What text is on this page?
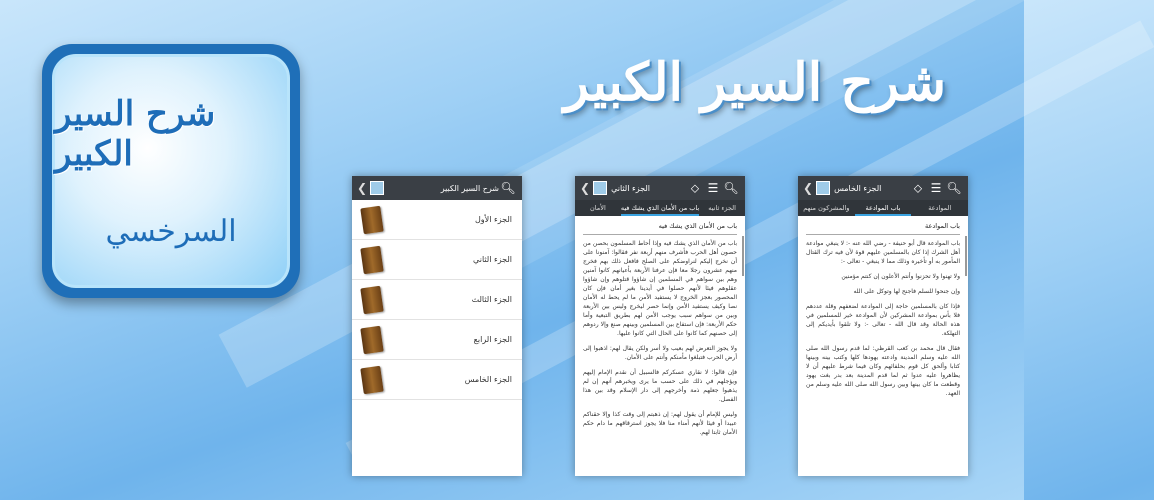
شرح السير الكبير
السرخسي
شرح السير الكبير
❮	شرح السير الكبير 🔍︎
الجزء الأول
الجزء الثاني
الجزء الثالث
الجزء الرابع
الجزء الخامس
❮	الجزء الثاني	⬦ ☰ 🔍︎
الأمان	باب من الأمان الذي يشك فيه	الجزء ثانيه
باب من الأمان الذي يشك فيه

باب من الأمان الذي يشك فيه وإذا أحاط المسلمون بحصن من حصون أهل الحرب فأشرف منهم أربعة نفر فقالوا: آمنونا على أن نخرج إليكم لنراوضكم على الصلح فافعل ذلك بهم فخرج منهم عشرون رجلا معا فإن عرفنا الأربعة بأعيانهم كانوا آمنين وهم بين سواهم في المسلمين إن شاؤوا قتلوهم وإن شاؤوا عقلوهم فيئا لأنهم حصلوا في أيدينا بغير أمان فإن كان المحصور بعجز الخروج لا يستفيد الأمن ما لم يحط له الأمان نصا وكيف يستفيد الأمن وإنما حصر ليخرج وليس بين الأربعة وبين من سواهم سبب يوجب الأمن لهم بطريق التبعية وأما حكم الأربعة: فإن استفاع بين المسلمين وبينهم صنع وإلا ردوهم إلى حصنهم كما كانوا على الحال التي كانوا عليها.

ولا يجوز التعرض لهم بعيب ولا أسر ولكن يقال لهم: اذهبوا إلى أرض الحرب فتبلغوا مأمنكم وأنتم على الأمان.

فإن قالوا: لا نقاري عسكركم فالسبيل أن نقدم الإمام إليهم ويؤجلهم في ذلك على حسب ما يرى ويخبرهم أنهم إن لم يذهبوا جعلهم ذمة وأخرجهم إلى دار الإسلام وقد بين هذا الفصل.

وليس للإمام أن يقول لهم: إن ذهبتم إلى وقت كذا وإلا حقناكم عبيدا أو فيئا لأنهم أمناء منا فلا يجوز استرقاقهم ما دام حكم الأمان ثابتا لهم.

❮	الجزء الخامس	⬦ ☰ 🔍︎
والمشركون منهم	باب الموادعة	الموادعة
باب الموادعة

باب الموادعة قال أبو حنيفة - رضي الله عنه -: لا ينبغي موادعة أهل الشرك إذا كان بالمسلمين عليهم قوة لأن فيه ترك القتال المأمور به أو تأخيره وذلك مما لا ينبغي - تعالى -:

ولا تهنوا ولا تحزنوا وأنتم الأعلون إن كنتم مؤمنين

وإن جنحوا للسلم فاجنح لها وتوكل على الله

فإذا كان بالمسلمين حاجة إلى الموادعة لضعفهم وقلة عددهم فلا بأس بموادعة المشركين لأن الموادعة خير للمسلمين في هذه الحالة وقد قال الله - تعالى -: ولا تلقوا بأيديكم إلى التهلكة.

فقال قال محمد بن كعب القرظي: لما قدم رسول الله صلى الله عليه وسلم المدينة وادعته يهودها كلها وكتب بينه وبينها كتابا وألحق كل قوم بحلفائهم وكان فيما شرط عليهم أن لا يظاهروا عليه عدوا ثم لما قدم المدينة بعد بدر بغت يهود وقطعت ما كان بينها وبين رسول الله صلى الله عليه وسلم من العهد.
